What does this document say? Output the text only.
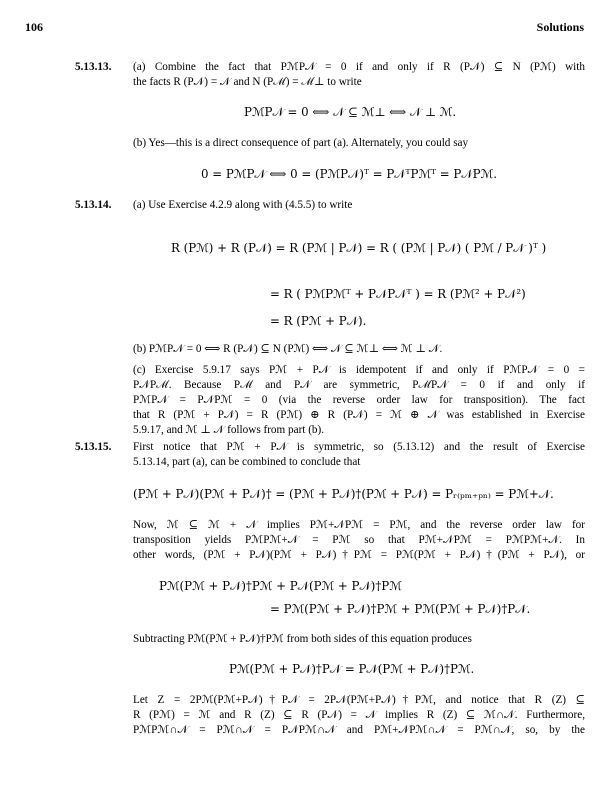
106	Solutions
5.13.13. (a) Combine the fact that PℳP𝒩 = 0 if and only if R (P𝒩) ⊆ N (Pℳ) with
the facts R (P𝒩) = 𝒩 and N (Pℳ) = ℳ⊥ to write
PℳP𝒩 = 0 ⟺ 𝒩 ⊆ ℳ⊥ ⟺ 𝒩 ⊥ ℳ.
(b) Yes—this is a direct consequence of part (a). Alternately, you could say
0 = PℳP𝒩 ⟺ 0 = (PℳP𝒩)ᵀ = P𝒩ᵀPℳᵀ = P𝒩Pℳ.
5.13.14. (a) Use Exercise 4.2.9 along with (4.5.5) to write
R (Pℳ) + R (P𝒩) = R (Pℳ | P𝒩) = R ( (Pℳ | P𝒩) ( Pℳ / P𝒩 )ᵀ )
= R ( PℳPℳᵀ + P𝒩P𝒩ᵀ ) = R (Pℳ² + P𝒩²)
= R (Pℳ + P𝒩).
(b) PℳP𝒩 = 0 ⟺ R (P𝒩) ⊆ N (Pℳ) ⟺ 𝒩 ⊆ ℳ⊥ ⟺ ℳ ⊥ 𝒩.
(c) Exercise 5.9.17 says Pℳ + P𝒩 is idempotent if and only if PℳP𝒩 = 0 =
P𝒩Pℳ. Because Pℳ and P𝒩 are symmetric, PℳP𝒩 = 0 if and only if
PℳP𝒩 = P𝒩Pℳ = 0 (via the reverse order law for transposition). The fact
that R (Pℳ + P𝒩) = R (Pℳ) ⊕ R (P𝒩) = ℳ ⊕ 𝒩 was established in Exercise
5.9.17, and ℳ ⊥ 𝒩 follows from part (b).
5.13.15. First notice that Pℳ + P𝒩 is symmetric, so (5.13.12) and the result of Exercise
5.13.14, part (a), can be combined to conclude that
(Pℳ + P𝒩)(Pℳ + P𝒩)† = (Pℳ + P𝒩)†(Pℳ + P𝒩) = Pᵣ₍ₚₘ₊ₚₙ₎ = Pℳ+𝒩.
Now, ℳ ⊆ ℳ + 𝒩 implies Pℳ+𝒩Pℳ = Pℳ, and the reverse order law for
transposition yields PℳPℳ+𝒩 = Pℳ so that Pℳ+𝒩Pℳ = PℳPℳ+𝒩. In
other words, (Pℳ + P𝒩)(Pℳ + P𝒩)†Pℳ = Pℳ(Pℳ + P𝒩)†(Pℳ + P𝒩), or
Pℳ(Pℳ + P𝒩)†Pℳ + P𝒩(Pℳ + P𝒩)†Pℳ
= Pℳ(Pℳ + P𝒩)†Pℳ + Pℳ(Pℳ + P𝒩)†P𝒩.
Subtracting Pℳ(Pℳ + P𝒩)†Pℳ from both sides of this equation produces
Pℳ(Pℳ + P𝒩)†P𝒩 = P𝒩(Pℳ + P𝒩)†Pℳ.
Let Z = 2Pℳ(Pℳ+P𝒩)†P𝒩 = 2P𝒩(Pℳ+P𝒩)†Pℳ, and notice that R (Z) ⊆
R (Pℳ) = ℳ and R (Z) ⊆ R (P𝒩) = 𝒩 implies R (Z) ⊆ ℳ∩𝒩. Furthermore,
PℳPℳ∩𝒩 = Pℳ∩𝒩 = P𝒩Pℳ∩𝒩 and Pℳ+𝒩Pℳ∩𝒩 = Pℳ∩𝒩, so, by the
